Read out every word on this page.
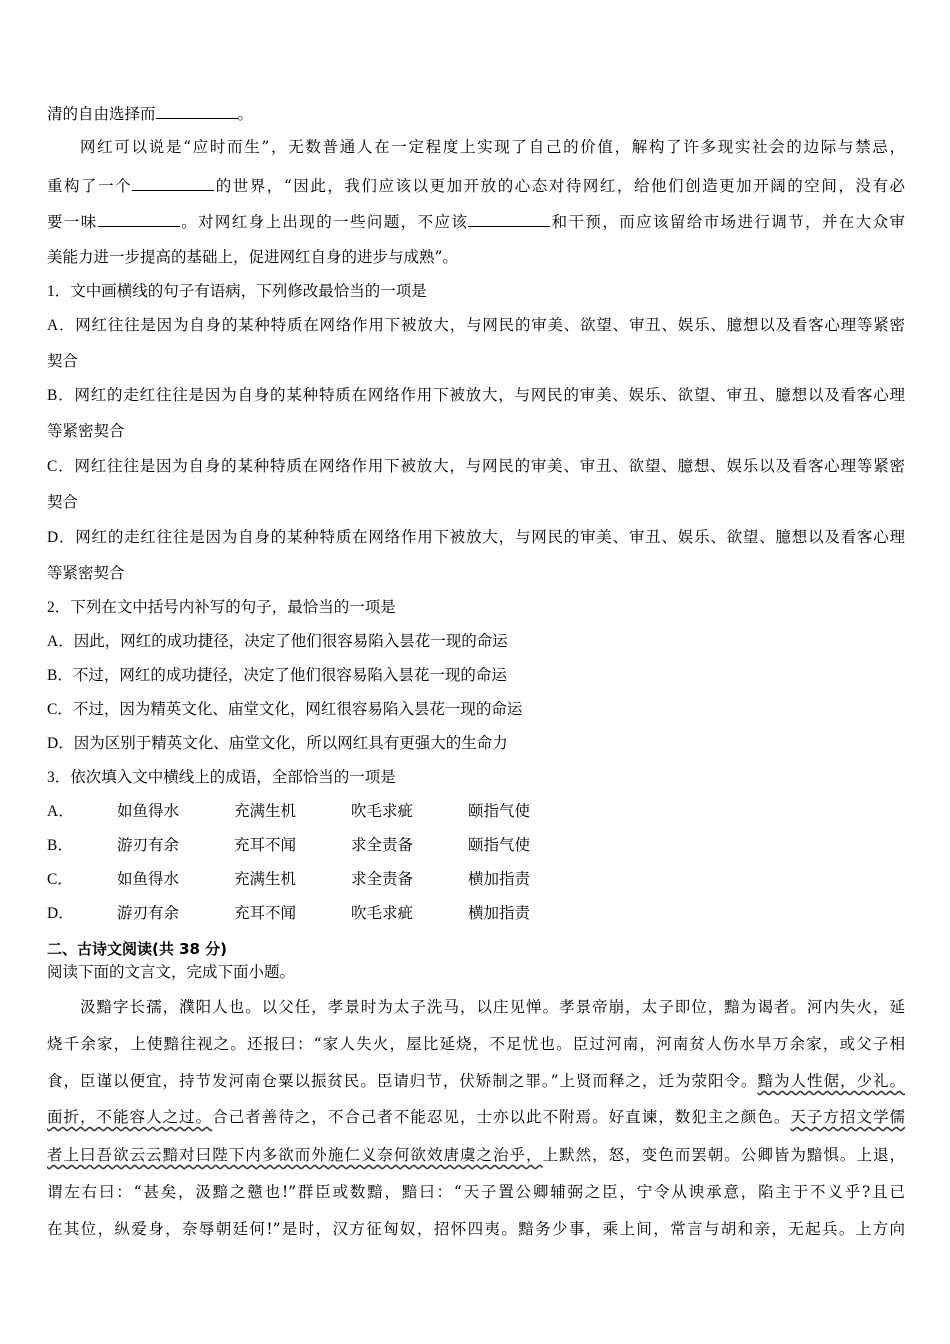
清的自由选择而	。
网红可以说是“应时而生”，无数普通人在一定程度上实现了自己的价值，解构了许多现实社会的边际与禁忌，
重构了一个	的世界，“因此，我们应该以更加开放的心态对待网红，给他们创造更加开阔的空间，没有必
要一味	。对网红身上出现的一些问题，不应该	和干预，而应该留给市场进行调节，并在大众审
美能力进一步提高的基础上，促进网红自身的进步与成熟”。
1．文中画横线的句子有语病，下列修改最恰当的一项是
A．网红往往是因为自身的某种特质在网络作用下被放大，与网民的审美、欲望、审丑、娱乐、臆想以及看客心理等紧密
契合
B．网红的走红往往是因为自身的某种特质在网络作用下被放大，与网民的审美、娱乐、欲望、审丑、臆想以及看客心理
等紧密契合
C．网红往往是因为自身的某种特质在网络作用下被放大，与网民的审美、审丑、欲望、臆想、娱乐以及看客心理等紧密
契合
D．网红的走红往往是因为自身的某种特质在网络作用下被放大，与网民的审美、审丑、娱乐、欲望、臆想以及看客心理
等紧密契合
2．下列在文中括号内补写的句子，最恰当的一项是
A．因此，网红的成功捷径，决定了他们很容易陷入昙花一现的命运
B．不过，网红的成功捷径，决定了他们很容易陷入昙花一现的命运
C．不过，因为精英文化、庙堂文化，网红很容易陷入昙花一现的命运
D．因为区别于精英文化、庙堂文化，所以网红具有更强大的生命力
3．依次填入文中横线上的成语，全部恰当的一项是
A．	如鱼得水	充满生机	吹毛求疵	颐指气使
B．	游刃有余	充耳不闻	求全责备	颐指气使
C．	如鱼得水	充满生机	求全责备	横加指责
D．	游刃有余	充耳不闻	吹毛求疵	横加指责
二、古诗文阅读(共 38 分)
阅读下面的文言文，完成下面小题。
汲黯字长孺，濮阳人也。以父任，孝景时为太子洗马，以庄见惮。孝景帝崩，太子即位，黯为谒者。河内失火，延
烧千余家，上使黯往视之。还报曰：“家人失火，屋比延烧，不足忧也。臣过河南，河南贫人伤水旱万余家，或父子相
食，臣谨以便宜，持节发河南仓粟以振贫民。臣请归节，伏矫制之罪。”上贤而释之，迁为荥阳令。黯为人性倨，少礼。
面折，不能容人之过。合己者善待之，不合己者不能忍见，士亦以此不附焉。好直谏，数犯主之颜色。天子方招文学儒
者上曰吾欲云云黯对曰陛下内多欲而外施仁义奈何欲效唐虞之治乎，上默然，怒，变色而罢朝。公卿皆为黯惧。上退，
谓左右曰：“甚矣，汲黯之戆也!”群臣或数黯，黯曰：“天子置公卿辅弼之臣，宁令从谀承意，陷主于不义乎?且已
在其位，纵爱身，奈辱朝廷何!”是时，汉方征匈奴，招怀四夷。黯务少事，乘上间，常言与胡和亲，无起兵。上方向
